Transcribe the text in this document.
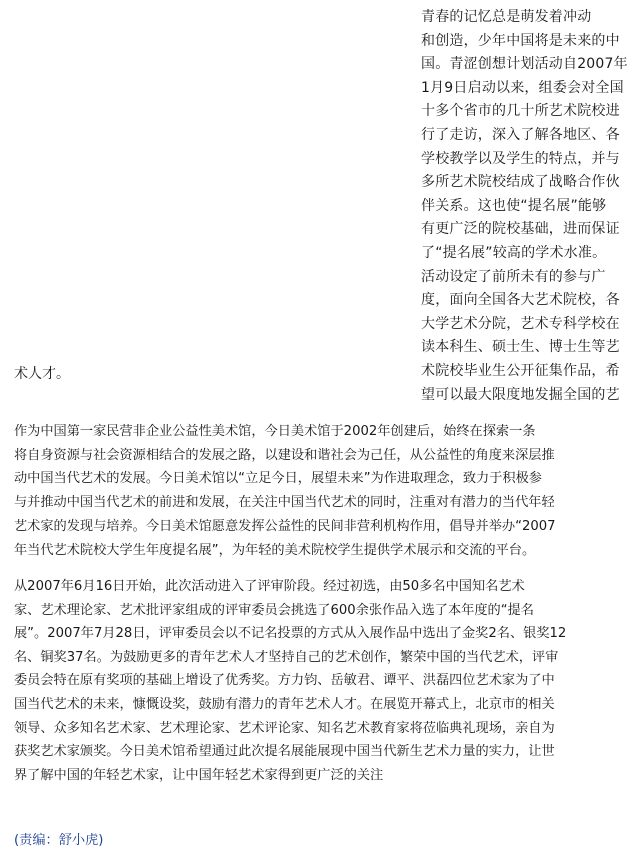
青春的记忆总是萌发着冲动
和创造，少年中国将是未来的中
国。青涩创想计划活动自2007年
1月9日启动以来，组委会对全国
十多个省市的几十所艺术院校进
行了走访，深入了解各地区、各
学校教学以及学生的特点，并与
多所艺术院校结成了战略合作伙
伴关系。这也使“提名展”能够
有更广泛的院校基础，进而保证
了“提名展”较高的学术水准。
活动设定了前所未有的参与广
度，面向全国各大艺术院校，各
大学艺术分院，艺术专科学校在
读本科生、硕士生、博士生等艺
术院校毕业生公开征集作品，希
望可以最大限度地发掘全国的艺
术人才。
作为中国第一家民营非企业公益性美术馆，今日美术馆于2002年创建后，始终在探索一条
将自身资源与社会资源相结合的发展之路，以建设和谐社会为己任，从公益性的角度来深层推
动中国当代艺术的发展。今日美术馆以“立足今日，展望未来”为作进取理念，致力于积极参
与并推动中国当代艺术的前进和发展，在关注中国当代艺术的同时，注重对有潜力的当代年轻
艺术家的发现与培养。今日美术馆愿意发挥公益性的民间非营利机构作用，倡导并举办“2007
年当代艺术院校大学生年度提名展”，为年轻的美术院校学生提供学术展示和交流的平台。
从2007年6月16日开始，此次活动进入了评审阶段。经过初选，由50多名中国知名艺术
家、艺术理论家、艺术批评家组成的评审委员会挑选了600余张作品入选了本年度的“提名
展”。2007年7月28日，评审委员会以不记名投票的方式从入展作品中选出了金奖2名、银奖12
名、铜奖37名。为鼓励更多的青年艺术人才坚持自己的艺术创作，繁荣中国的当代艺术，评审
委员会特在原有奖项的基础上增设了优秀奖。方力钧、岳敏君、谭平、洪磊四位艺术家为了中
国当代艺术的未来，慷慨设奖，鼓励有潜力的青年艺术人才。在展览开幕式上，北京市的相关
领导、众多知名艺术家、艺术理论家、艺术评论家、知名艺术教育家将莅临典礼现场，亲自为
获奖艺术家颁奖。今日美术馆希望通过此次提名展能展现中国当代新生艺术力量的实力，让世
界了解中国的年轻艺术家，让中国年轻艺术家得到更广泛的关注
(责编：舒小虎)
